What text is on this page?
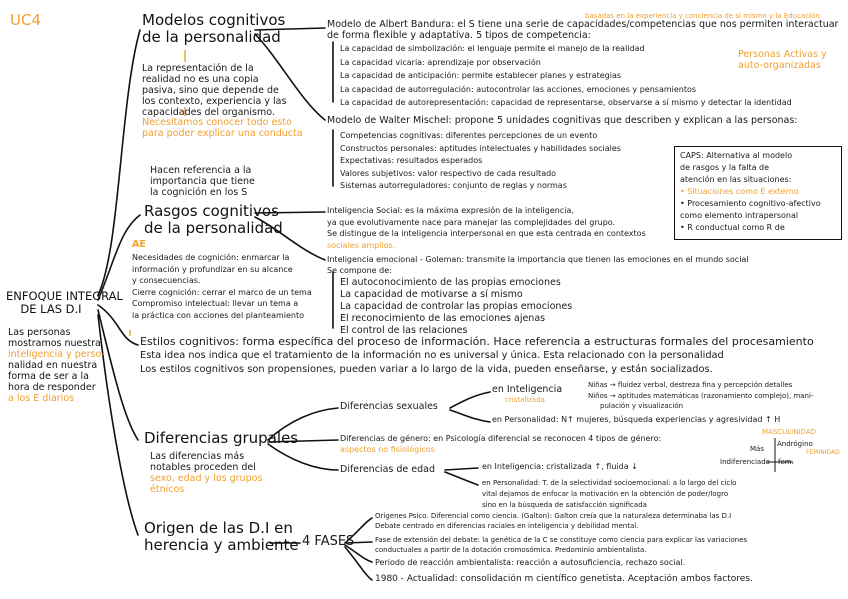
UC4
ENFOQUE INTEGRAL
DE LAS D.I
Las personas
mostramos nuestra
inteligencia y perso-
nalidad en nuestra
forma de ser a la
hora de responder
a los E diarios
Modelos cognitivos
de la personalidad
La representación de la
realidad no es una copia
pasiva, sino que depende de
los contexto, experiencia y las
capacidades del organismo.
Necesitamos conocer todo esto
para poder explicar una conducta
basadas en la experiencia y conciencia de sí mismo y la Educación
Modelo de Albert Bandura: el S tiene una serie de capacidades/competencias que nos permiten interactuar
de forma flexible y adaptativa. 5 tipos de competencia:
La capacidad de simbolización: el lenguaje permite el manejo de la realidad
La capacidad vicaria: aprendizaje por observación
La capacidad de anticipación: permite establecer planes y estrategias
La capacidad de autorregulación: autocontrolar las acciones, emociones y pensamientos
La capacidad de autorepresentación: capacidad de representarse, observarse a sí mismo y detectar la identidad
Personas Activas y
auto-organizadas
Modelo de Walter Mischel: propone 5 unidades cognitivas que describen y explican a las personas:
Competencias cognitivas: diferentes percepciones de un evento
Constructos personales: aptitudes intelectuales y habilidades sociales
Expectativas: resultados esperados
Valores subjetivos: valor respectivo de cada resultado
Sistemas autorreguladores: conjunto de reglas y normas
CAPS: Alternativa al modelo
de rasgos y la falta de
atención en las situaciones:
• Situaciones como E externo
• Procesamiento cognitivo-afectivo
como elemento intrapersonal
• R conductual como R de
Hacen referencia a la
importancia que tiene
la cognición en los S
Rasgos cognitivos
de la personalidad
AE
Necesidades de cognición: enmarcar la
información y profundizar en su alcance
y consecuencias.
Cierre cognición: cerrar el marco de un tema
Compromiso intelectual: llevar un tema a
la práctica con acciones del planteamiento
Inteligencia Social: es la máxima expresión de la inteligencia,
ya que evolutivamente nace para manejar las complejidades del grupo.
Se distingue de la inteligencia interpersonal en que esta centrada en contextos
sociales amplios.
Inteligencia emocional - Goleman: transmite la importancia que tienen las emociones en el mundo social
Se compone de:
El autoconocimiento de las propias emociones
La capacidad de motivarse a sí mismo
La capacidad de controlar las propias emociones
El reconocimiento de las emociones ajenas
El control de las relaciones
Estilos cognitivos: forma específica del proceso de información. Hace referencia a estructuras formales del procesamiento
Esta idea nos indica que el tratamiento de la información no es universal y única. Esta relacionado con la personalidad
Los estilos cognitivos son propensiones, pueden variar a lo largo de la vida, pueden enseñarse, y están socializados.
Diferencias grupales
Las diferencias más
notables proceden del
sexo, edad y los grupos
étnicos
Diferencias sexuales
en Inteligencia
cristalizada
Niñas → fluidez verbal, destreza fina y percepción detalles
Niños → aptitudes matemáticas (razonamiento complejo), mani-
pulación y visualización
en Personalidad: N↑ mujeres, búsqueda experiencias y agresividad ↑ H
Diferencias de género: en Psicología diferencial se reconocen 4 tipos de género:
aspectos no fisiológicos
MASCULINIDAD
Más
Andrógino
FEMINIDAD
Indiferenciado fem.
Diferencias de edad	en Inteligencia: cristalizada ↑, fluida ↓
en Personalidad: T. de la selectividad socioemocional: a lo largo del ciclo
vital dejamos de enfocar la motivación en la obtención de poder/logro
sino en la búsqueda de satisfacción significada
Origen de las D.I en
herencia y ambiente 4 FASES
Orígenes Psico. Diferencial como ciencia. (Galton): Galton creía que la naturaleza determinaba las D.I
Debate centrado en diferencias raciales en inteligencia y debilidad mental.
Fase de extensión del debate: la genética de la C se constituye como ciencia para explicar las variaciones
conductuales a partir de la dotación cromosómica. Predominio ambientalista.
Periodo de reacción ambientalista: reacción a autosuficiencia, rechazo social.
1980 - Actualidad: consolidación m científico genetista. Aceptación ambos factores.
